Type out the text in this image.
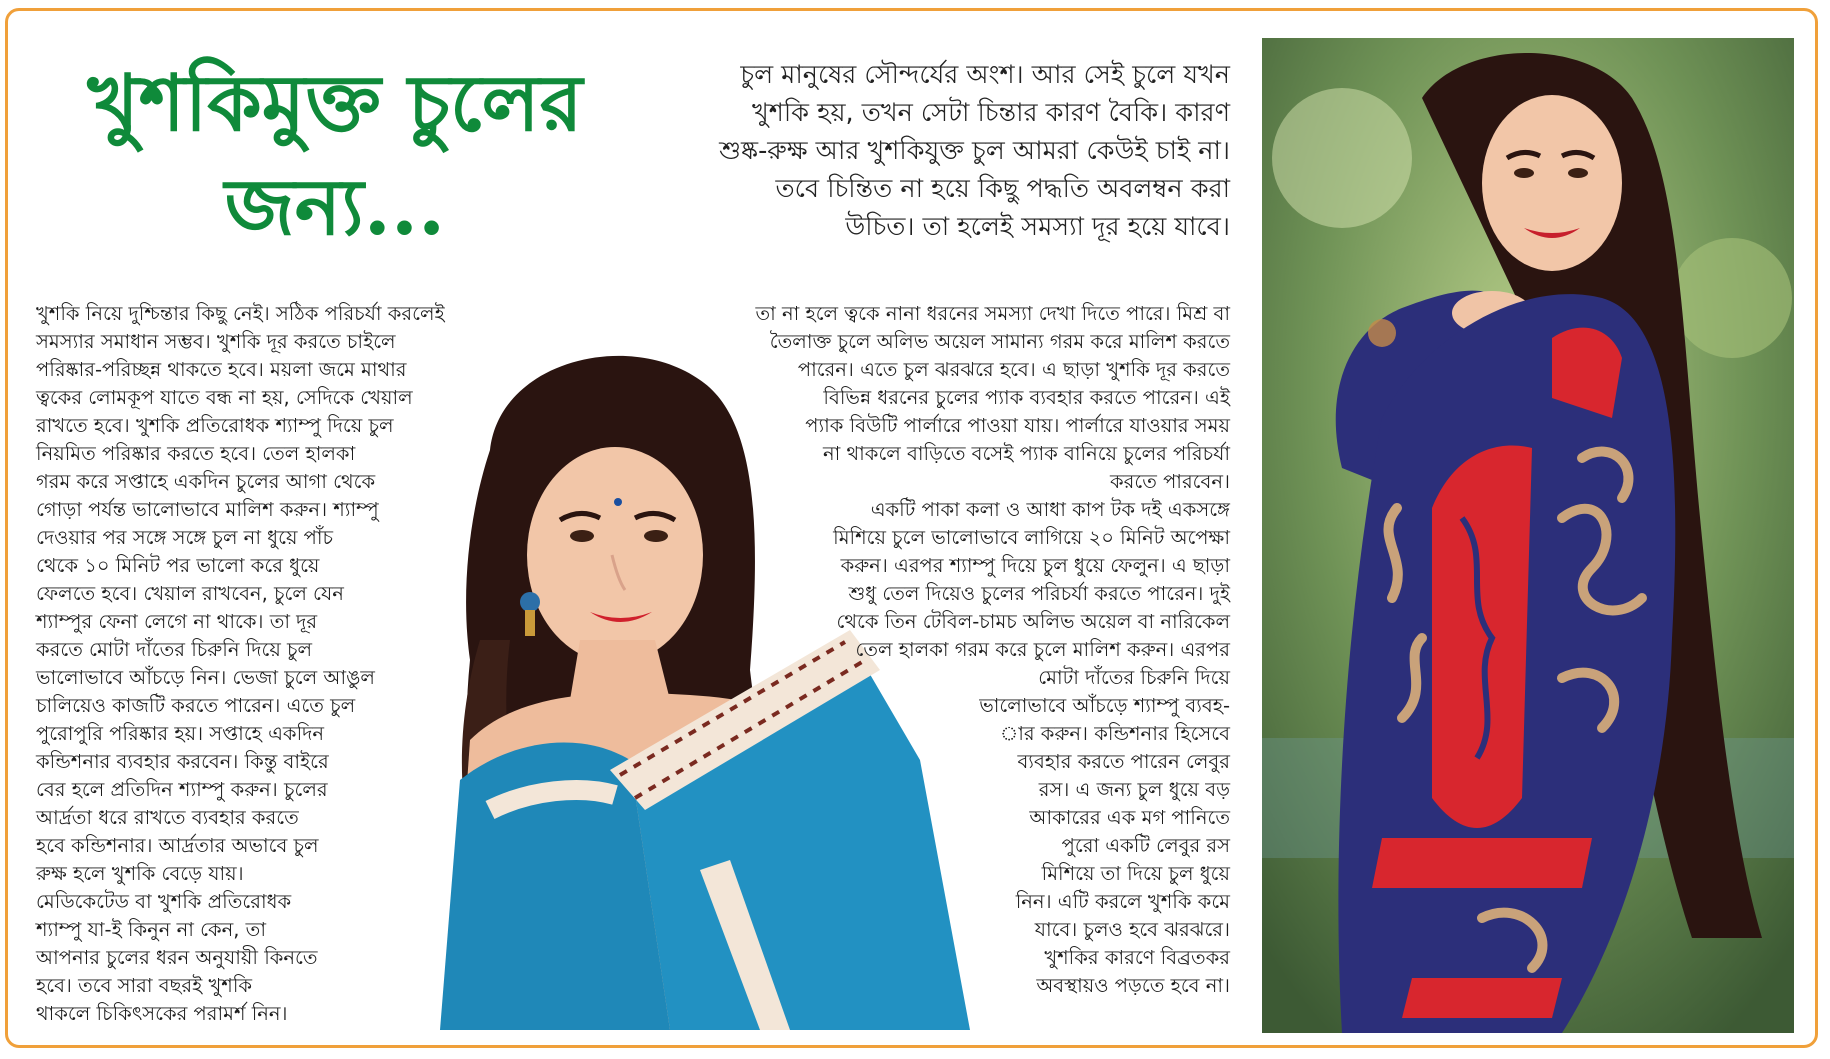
খুশকিমুক্ত চুলের
জন্য...
চুল মানুষের সৌন্দর্যের অংশ। আর সেই চুলে যখন
খুশকি হয়, তখন সেটা চিন্তার কারণ বৈকি। কারণ
শুষ্ক-রুক্ষ আর খুশকিযুক্ত চুল আমরা কেউই চাই না।
তবে চিন্তিত না হয়ে কিছু পদ্ধতি অবলম্বন করা
উচিত। তা হলেই সমস্যা দূর হয়ে যাবে।

খুশকি নিয়ে দুশ্চিন্তার কিছু নেই। সঠিক পরিচর্যা করলেই

সমস্যার সমাধান সম্ভব। খুশকি দূর করতে চাইলে

পরিষ্কার-পরিচ্ছন্ন থাকতে হবে। ময়লা জমে মাথার

ত্বকের লোমকূপ যাতে বন্ধ না হয়, সেদিকে খেয়াল

রাখতে হবে। খুশকি প্রতিরোধক শ্যাম্পু দিয়ে চুল

নিয়মিত পরিষ্কার করতে হবে। তেল হালকা

গরম করে সপ্তাহে একদিন চুলের আগা থেকে

গোড়া পর্যন্ত ভালোভাবে মালিশ করুন। শ্যাম্পু

দেওয়ার পর সঙ্গে সঙ্গে চুল না ধুয়ে পাঁচ

থেকে ১০ মিনিট পর ভালো করে ধুয়ে

ফেলতে হবে। খেয়াল রাখবেন, চুলে যেন

শ্যাম্পুর ফেনা লেগে না থাকে। তা দূর

করতে মোটা দাঁতের চিরুনি দিয়ে চুল

ভালোভাবে আঁচড়ে নিন। ভেজা চুলে আঙুল

চালিয়েও কাজটি করতে পারেন। এতে চুল

পুরোপুরি পরিষ্কার হয়। সপ্তাহে একদিন

কন্ডিশনার ব্যবহার করবেন। কিন্তু বাইরে

বের হলে প্রতিদিন শ্যাম্পু করুন। চুলের

আর্দ্রতা ধরে রাখতে ব্যবহার করতে

হবে কন্ডিশনার। আর্দ্রতার অভাবে চুল

রুক্ষ হলে খুশকি বেড়ে যায়।

মেডিকেটেড বা খুশকি প্রতিরোধক

শ্যাম্পু যা-ই কিনুন না কেন, তা

আপনার চুলের ধরন অনুযায়ী কিনতে

হবে। তবে সারা বছরই খুশকি

থাকলে চিকিৎসকের পরামর্শ নিন।

তা না হলে ত্বকে নানা ধরনের সমস্যা দেখা দিতে পারে। মিশ্র বা

তৈলাক্ত চুলে অলিভ অয়েল সামান্য গরম করে মালিশ করতে

পারেন। এতে চুল ঝরঝরে হবে। এ ছাড়া খুশকি দূর করতে

বিভিন্ন ধরনের চুলের প্যাক ব্যবহার করতে পারেন। এই

প্যাক বিউটি পার্লারে পাওয়া যায়। পার্লারে যাওয়ার সময়

না থাকলে বাড়িতে বসেই প্যাক বানিয়ে চুলের পরিচর্যা

করতে পারবেন।

একটি পাকা কলা ও আধা কাপ টক দই একসঙ্গে

মিশিয়ে চুলে ভালোভাবে লাগিয়ে ২০ মিনিট অপেক্ষা

করুন। এরপর শ্যাম্পু দিয়ে চুল ধুয়ে ফেলুন। এ ছাড়া

শুধু তেল দিয়েও চুলের পরিচর্যা করতে পারেন। দুই

থেকে তিন টেবিল-চামচ অলিভ অয়েল বা নারিকেল

তেল হালকা গরম করে চুলে মালিশ করুন। এরপর

মোটা দাঁতের চিরুনি দিয়ে

ভালোভাবে আঁচড়ে শ্যাম্পু ব্যবহ-

ার করুন। কন্ডিশনার হিসেবে

ব্যবহার করতে পারেন লেবুর

রস। এ জন্য চুল ধুয়ে বড়

আকারের এক মগ পানিতে

পুরো একটি লেবুর রস

মিশিয়ে তা দিয়ে চুল ধুয়ে

নিন। এটি করলে খুশকি কমে

যাবে। চুলও হবে ঝরঝরে।

খুশকির কারণে বিব্রতকর

অবস্থায়ও পড়তে হবে না।
